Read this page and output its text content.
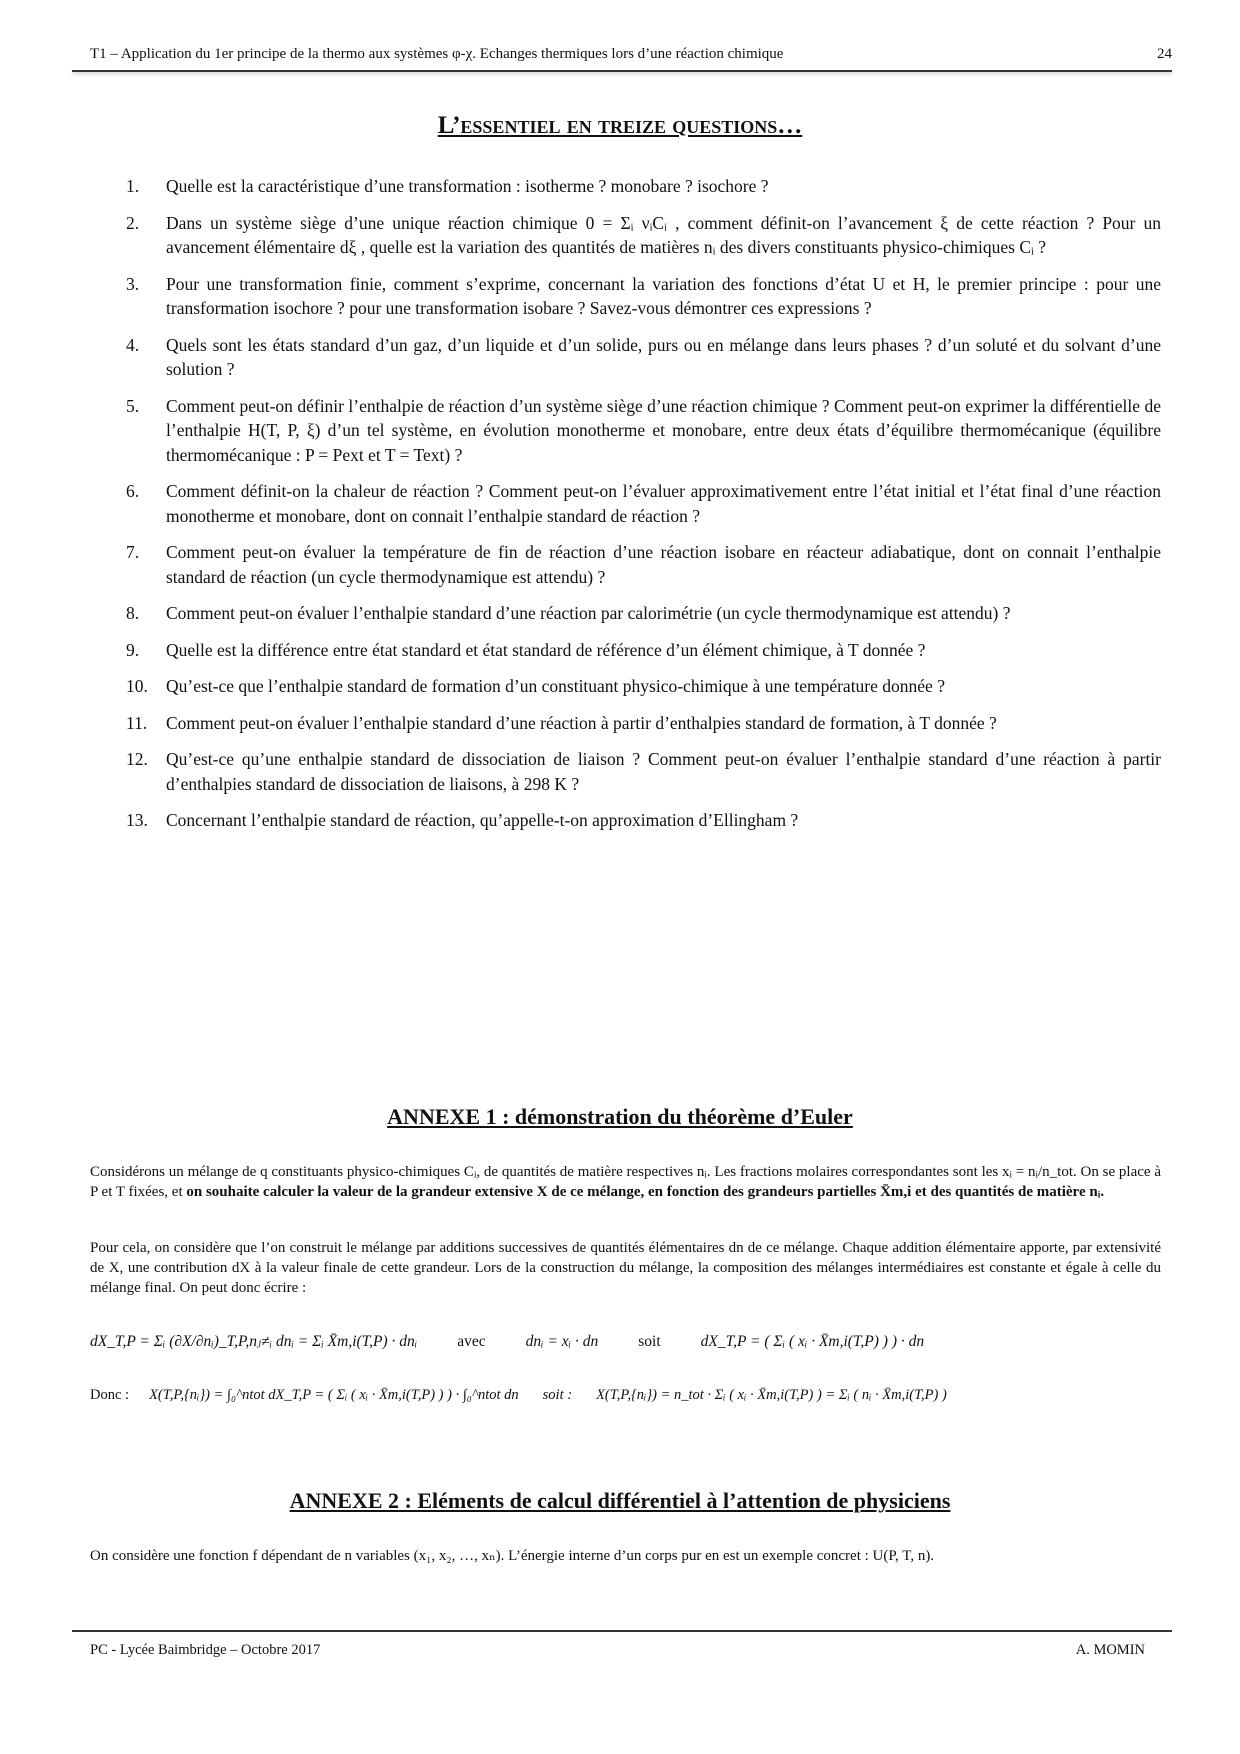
T1 – Application du 1er principe de la thermo aux systèmes φ-χ. Echanges thermiques lors d’une réaction chimique	24
L’essentiel en treize questions…
1.	Quelle est la caractéristique d’une transformation : isotherme ? monobare ? isochore ?
2.	Dans un système siège d’une unique réaction chimique 0 = Σᵢ νᵢCᵢ , comment définit-on l’avancement ξ de cette réaction ? Pour un avancement élémentaire dξ , quelle est la variation des quantités de matières nᵢ des divers constituants physico-chimiques Cᵢ ?
3.	Pour une transformation finie, comment s’exprime, concernant la variation des fonctions d’état U et H, le premier principe : pour une transformation isochore ? pour une transformation isobare ? Savez-vous démontrer ces expressions ?
4.	Quels sont les états standard d’un gaz, d’un liquide et d’un solide, purs ou en mélange dans leurs phases ? d’un soluté et du solvant d’une solution ?
5.	Comment peut-on définir l’enthalpie de réaction d’un système siège d’une réaction chimique ? Comment peut-on exprimer la différentielle de l’enthalpie H(T, P, ξ) d’un tel système, en évolution monotherme et monobare, entre deux états d’équilibre thermomécanique (équilibre thermomécanique : P = Pext et T = Text) ?
6.	Comment définit-on la chaleur de réaction ? Comment peut-on l’évaluer approximativement entre l’état initial et l’état final d’une réaction monotherme et monobare, dont on connait l’enthalpie standard de réaction ?
7.	Comment peut-on évaluer la température de fin de réaction d’une réaction isobare en réacteur adiabatique, dont on connait l’enthalpie standard de réaction (un cycle thermodynamique est attendu) ?
8.	Comment peut-on évaluer l’enthalpie standard d’une réaction par calorimétrie (un cycle thermodynamique est attendu) ?
9.	Quelle est la différence entre état standard et état standard de référence d’un élément chimique, à T donnée ?
10.	Qu’est-ce que l’enthalpie standard de formation d’un constituant physico-chimique à une température donnée ?
11.	Comment peut-on évaluer l’enthalpie standard d’une réaction à partir d’enthalpies standard de formation, à T donnée ?
12.	Qu’est-ce qu’une enthalpie standard de dissociation de liaison ? Comment peut-on évaluer l’enthalpie standard d’une réaction à partir d’enthalpies standard de dissociation de liaisons, à 298 K ?
13.	Concernant l’enthalpie standard de réaction, qu’appelle-t-on approximation d’Ellingham ?
ANNEXE 1 : démonstration du théorème d’Euler
Considérons un mélange de q constituants physico-chimiques Cᵢ, de quantités de matière respectives nᵢ. Les fractions molaires correspondantes sont les xᵢ = nᵢ/n_tot. On se place à P et T fixées, et on souhaite calculer la valeur de la grandeur extensive X de ce mélange, en fonction des grandeurs partielles X̄m,i et des quantités de matière nᵢ.
Pour cela, on considère que l’on construit le mélange par additions successives de quantités élémentaires dn de ce mélange. Chaque addition élémentaire apporte, par extensivité de X, une contribution dX à la valeur finale de cette grandeur. Lors de la construction du mélange, la composition des mélanges intermédiaires est constante et égale à celle du mélange final. On peut donc écrire :
dX_T,P = Σᵢ (∂X/∂nᵢ)_T,P,nⱼ≠ᵢ dnᵢ = Σᵢ X̄m,i(T,P) · dnᵢ	avec	dnᵢ = xᵢ · dn	soit	dX_T,P = ( Σᵢ ( xᵢ · X̄m,i(T,P) ) ) · dn
Donc : X(T,P,{nᵢ}) = ∫₀^ntot dX_T,P = ( Σᵢ ( xᵢ · X̄m,i(T,P) ) ) · ∫₀^ntot dn soit : X(T,P,{nᵢ}) = n_tot · Σᵢ ( xᵢ · X̄m,i(T,P) ) = Σᵢ ( nᵢ · X̄m,i(T,P) )
ANNEXE 2 : Eléments de calcul différentiel à l’attention de physiciens
On considère une fonction f dépendant de n variables (x₁, x₂, …, xₙ). L’énergie interne d’un corps pur en est un exemple concret : U(P, T, n).
PC - Lycée Baimbridge – Octobre 2017	A. MOMIN
